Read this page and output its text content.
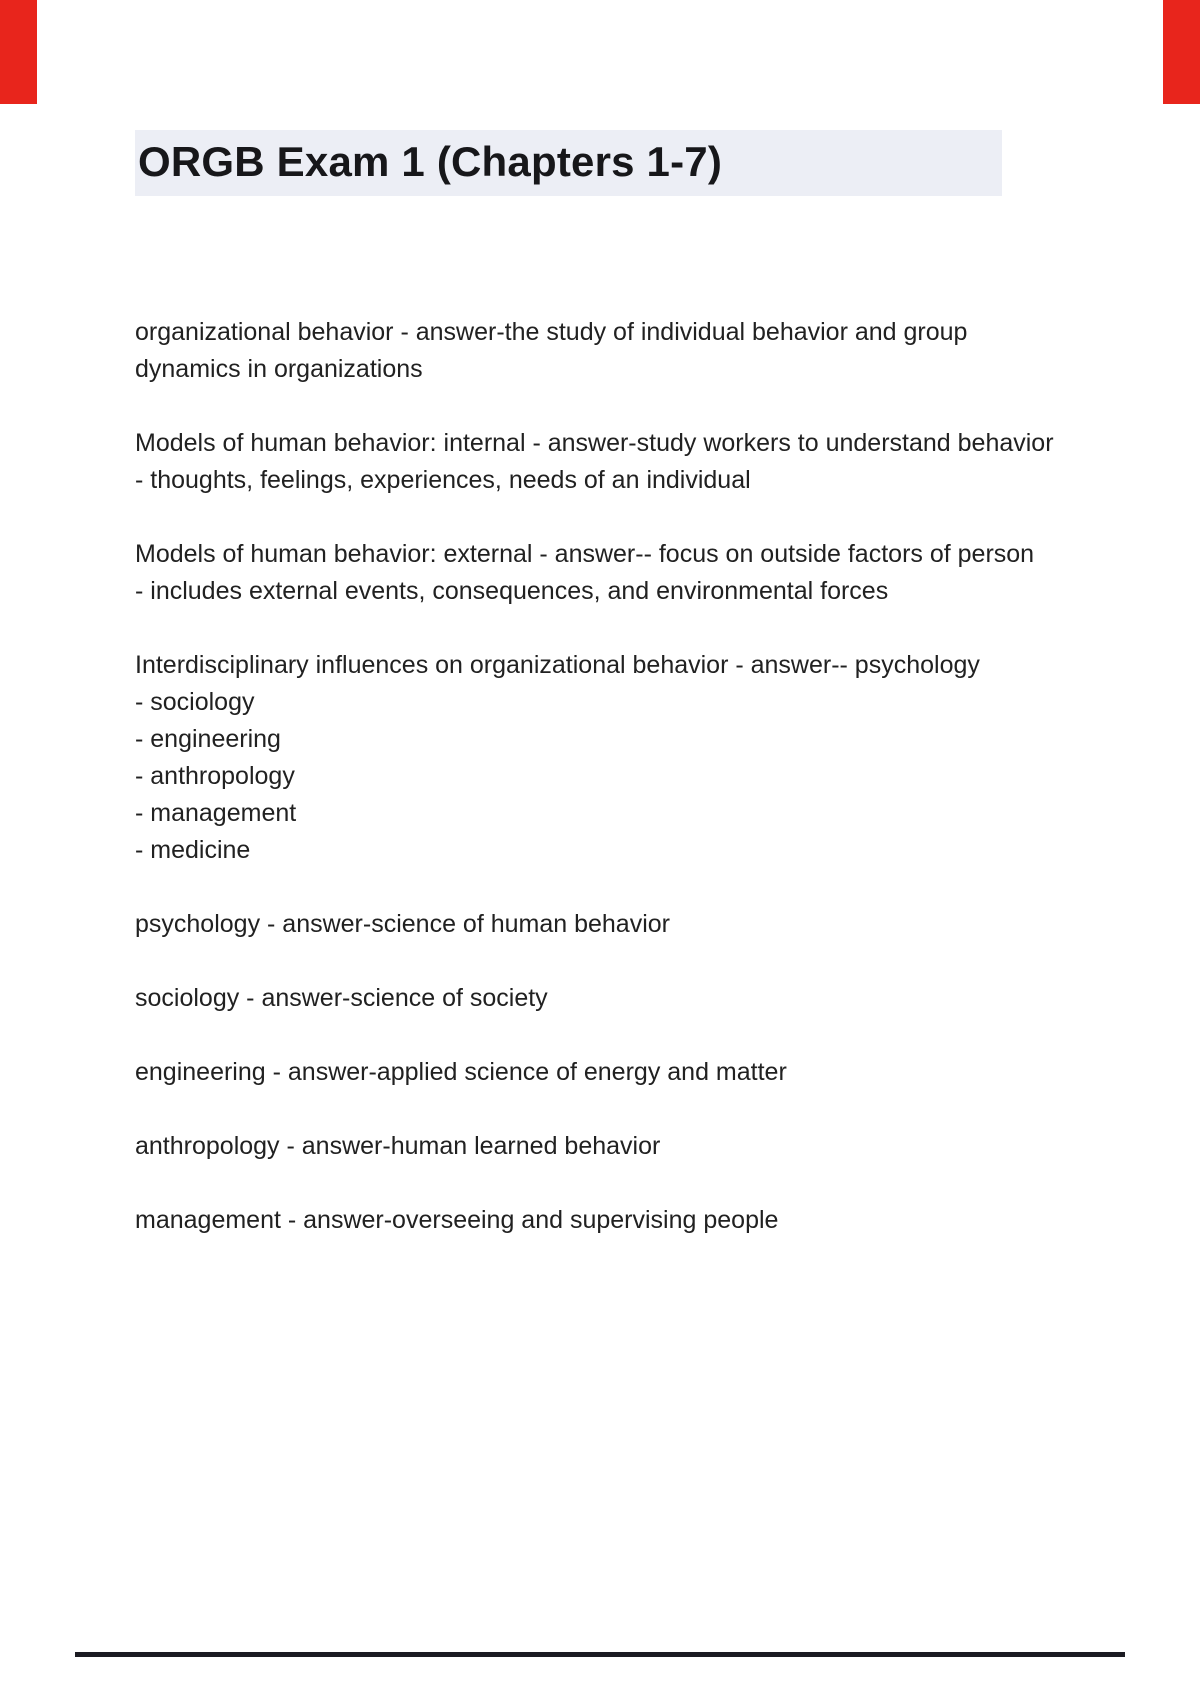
ORGB Exam 1 (Chapters 1-7)
organizational behavior - answer-the study of individual behavior and group dynamics in organizations
Models of human behavior: internal - answer-study workers to understand behavior
- thoughts, feelings, experiences, needs of an individual
Models of human behavior: external - answer-- focus on outside factors of person
- includes external events, consequences, and environmental forces
Interdisciplinary influences on organizational behavior - answer-- psychology
- sociology
- engineering
- anthropology
- management
- medicine
psychology - answer-science of human behavior
sociology - answer-science of society
engineering - answer-applied science of energy and matter
anthropology - answer-human learned behavior
management - answer-overseeing and supervising people
